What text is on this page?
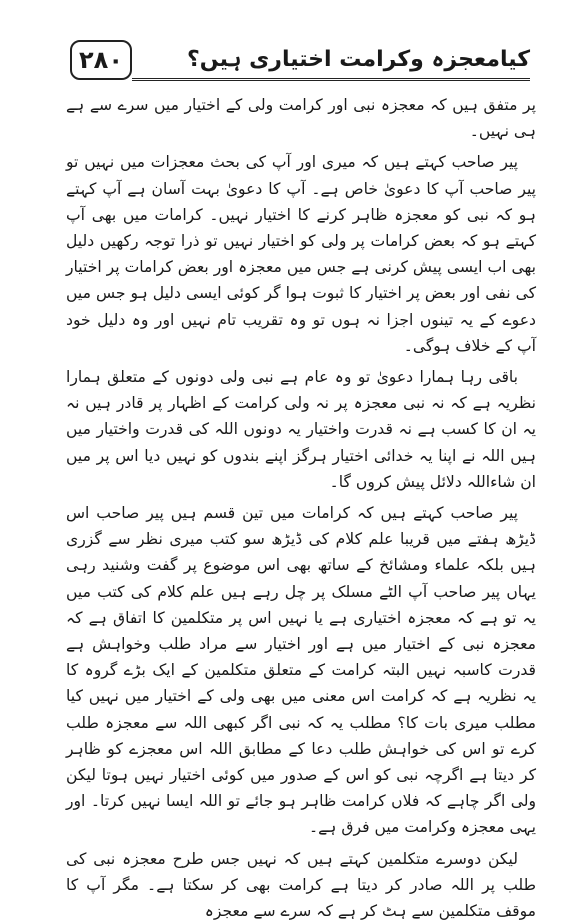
۲۸۰	کیامعجزہ وکرامت اختیاری ہیں؟

پر متفق ہیں کہ معجزہ نبی اور کرامت ولی کے اختیار میں سرے سے ہے ہی نہیں۔

پیر صاحب کہتے ہیں کہ میری اور آپ کی بحث معجزات میں نہیں تو پیر صاحب آپ کا دعویٰ خاص ہے۔ آپ کا دعویٰ بہت آسان ہے آپ کہتے ہو کہ نبی کو معجزہ ظاہر کرنے کا اختیار نہیں۔ کرامات میں بھی آپ کہتے ہو کہ بعض کرامات پر ولی کو اختیار نہیں تو ذرا توجہ رکھیں دلیل بھی اب ایسی پیش کرنی ہے جس میں معجزہ اور بعض کرامات پر اختیار کی نفی اور بعض پر اختیار کا ثبوت ہوا گر کوئی ایسی دلیل ہو جس میں دعوے کے یہ تینوں اجزا نہ ہوں تو وہ تقریب تام نہیں اور وہ دلیل خود آپ کے خلاف ہوگی۔

باقی رہا ہمارا دعویٰ تو وہ عام ہے نبی ولی دونوں کے متعلق ہمارا نظریہ ہے کہ نہ نبی معجزہ پر نہ ولی کرامت کے اظہار پر قادر ہیں نہ یہ ان کا کسب ہے نہ قدرت واختیار یہ دونوں اللہ کی قدرت واختیار میں ہیں اللہ نے اپنا یہ خدائی اختیار ہرگز اپنے بندوں کو نہیں دیا اس پر میں ان شاءاللہ دلائل پیش کروں گا۔

پیر صاحب کہتے ہیں کہ کرامات میں تین قسم ہیں پیر صاحب اس ڈیڑھ ہفتے میں قریبا علم کلام کی ڈیڑھ سو کتب میری نظر سے گزری ہیں بلکہ علماء ومشائخ کے ساتھ بھی اس موضوع پر گفت وشنید رہی یہاں پیر صاحب آپ الٹے مسلک پر چل رہے ہیں علم کلام کی کتب میں یہ تو ہے کہ معجزہ اختیاری ہے یا نہیں اس پر متکلمین کا اتفاق ہے کہ معجزہ نبی کے اختیار میں ہے اور اختیار سے مراد طلب وخواہش ہے قدرت کاسبہ نہیں البتہ کرامت کے متعلق متکلمین کے ایک بڑے گروہ کا یہ نظریہ ہے کہ کرامت اس معنی میں بھی ولی کے اختیار میں نہیں کیا مطلب میری بات کا؟ مطلب یہ کہ نبی اگر کبھی اللہ سے معجزہ طلب کرے تو اس کی خواہش طلب دعا کے مطابق اللہ اس معجزے کو ظاہر کر دیتا ہے اگرچہ نبی کو اس کے صدور میں کوئی اختیار نہیں ہوتا لیکن ولی اگر چاہے کہ فلاں کرامت ظاہر ہو جائے تو اللہ ایسا نہیں کرتا۔ اور یہی معجزہ وکرامت میں فرق ہے۔

لیکن دوسرے متکلمین کہتے ہیں کہ نہیں جس طرح معجزہ نبی کی طلب پر اللہ صادر کر دیتا ہے کرامت بھی کر سکتا ہے۔ مگر آپ کا موقف متکلمین سے ہٹ کر ہے کہ سرے سے معجزہ
